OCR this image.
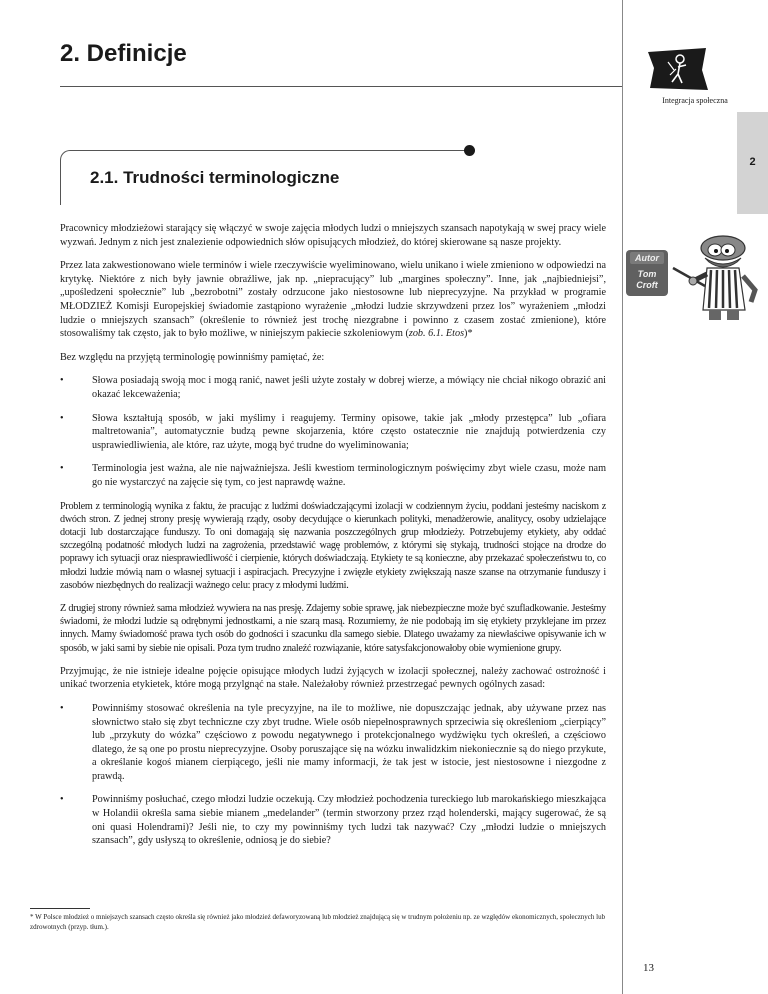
2. Definicje
Integracja społeczna
2
Autor
Tom
Croft
2.1. Trudności terminologiczne

Pracownicy młodzieżowi starający się włączyć w swoje zajęcia młodych ludzi o mniejszych szansach napotykają w swej pracy wiele wyzwań. Jednym z nich jest znalezienie odpowiednich słów opisujących młodzież, do której skierowane są nasze projekty.

Przez lata zakwestionowano wiele terminów i wiele rzeczywiście wyeliminowano, wielu unikano i wiele zmieniono w odpowiedzi na krytykę. Niektóre z nich były jawnie obraźliwe, jak np. „niepracujący” lub „margines społeczny”. Inne, jak „najbiedniejsi”, „upośledzeni społecznie” lub „bezrobotni” zostały odrzucone jako niestosowne lub nieprecyzyjne. Na przykład w programie MŁODZIEŻ Komisji Europejskiej świadomie zastąpiono wyrażenie „młodzi ludzie skrzywdzeni przez los” wyrażeniem „młodzi ludzie o mniejszych szansach” (określenie to również jest trochę niezgrabne i powinno z czasem zostać zmienione), które stosowaliśmy tak często, jak to było możliwe, w niniejszym pakiecie szkoleniowym (zob. 6.1. Etos)*

Bez względu na przyjętą terminologię powinniśmy pamiętać, że:

• Słowa posiadają swoją moc i mogą ranić, nawet jeśli użyte zostały w dobrej wierze, a mówiący nie chciał nikogo obrazić ani okazać lekceważenia;
• Słowa kształtują sposób, w jaki myślimy i reagujemy. Terminy opisowe, takie jak „młody przestępca” lub „ofiara maltretowania”, automatycznie budzą pewne skojarzenia, które często ostatecznie nie znajdują potwierdzenia czy usprawiedliwienia, ale które, raz użyte, mogą być trudne do wyeliminowania;
• Terminologia jest ważna, ale nie najważniejsza. Jeśli kwestiom terminologicznym poświęcimy zbyt wiele czasu, może nam go nie wystarczyć na zajęcie się tym, co jest naprawdę ważne.

Problem z terminologią wynika z faktu, że pracując z ludźmi doświadczającymi izolacji w codziennym życiu, poddani jesteśmy naciskom z dwóch stron. Z jednej strony presję wywierają rządy, osoby decydujące o kierunkach polityki, menadżerowie, analitycy, osoby udzielające dotacji lub dostarczające funduszy. To oni domagają się nazwania poszczególnych grup młodzieży. Potrzebujemy etykiety, aby oddać szczególną podatność młodych ludzi na zagrożenia, przedstawić wagę problemów, z którymi się stykają, trudności stojące na drodze do poprawy ich sytuacji oraz niesprawiedliwość i cierpienie, których doświadczają. Etykiety te są konieczne, aby przekazać społeczeństwu to, co młodzi ludzie mówią nam o własnej sytuacji i aspiracjach. Precyzyjne i zwięzłe etykiety zwiększają nasze szanse na otrzymanie funduszy i zasobów niezbędnych do realizacji ważnego celu: pracy z młodymi ludźmi.

Z drugiej strony również sama młodzież wywiera na nas presję. Zdajemy sobie sprawę, jak niebezpieczne może być szufladkowanie. Jesteśmy świadomi, że młodzi ludzie są odrębnymi jednostkami, a nie szarą masą. Rozumiemy, że nie podobają im się etykiety przyklejane im przez innych. Mamy świadomość prawa tych osób do godności i szacunku dla samego siebie. Dlatego uważamy za niewłaściwe opisywanie ich w sposób, w jaki sami by siebie nie opisali. Poza tym trudno znaleźć rozwiązanie, które satysfakcjonowałoby obie wymienione grupy.

Przyjmując, że nie istnieje idealne pojęcie opisujące młodych ludzi żyjących w izolacji społecznej, należy zachować ostrożność i unikać tworzenia etykietek, które mogą przylgnąć na stałe. Należałoby również przestrzegać pewnych ogólnych zasad:

• Powinniśmy stosować określenia na tyle precyzyjne, na ile to możliwe, nie dopuszczając jednak, aby używane przez nas słownictwo stało się zbyt techniczne czy zbyt trudne. Wiele osób niepełnosprawnych sprzeciwia się określeniom „cierpiący” lub „przykuty do wózka” częściowo z powodu negatywnego i protekcjonalnego wydźwięku tych określeń, a częściowo dlatego, że są one po prostu nieprecyzyjne. Osoby poruszające się na wózku inwalidzkim niekoniecznie są do niego przykute, a określanie kogoś mianem cierpiącego, jeśli nie mamy informacji, że tak jest w istocie, jest niestosowne i niezgodne z prawdą.
• Powinniśmy posłuchać, czego młodzi ludzie oczekują. Czy młodzież pochodzenia tureckiego lub marokańskiego mieszkająca w Holandii określa sama siebie mianem „medelander” (termin stworzony przez rząd holenderski, mający sugerować, że są oni quasi Holendrami)? Jeśli nie, to czy my powinniśmy tych ludzi tak nazywać? Czy „młodzi ludzie o mniejszych szansach”, gdy usłyszą to określenie, odniosą je do siebie?

* W Polsce młodzież o mniejszych szansach często określa się również jako młodzież defaworyzowaną lub młodzież znajdującą się w trudnym położeniu np. ze względów ekonomicznych, społecznych lub zdrowotnych (przyp. tłum.).

13
